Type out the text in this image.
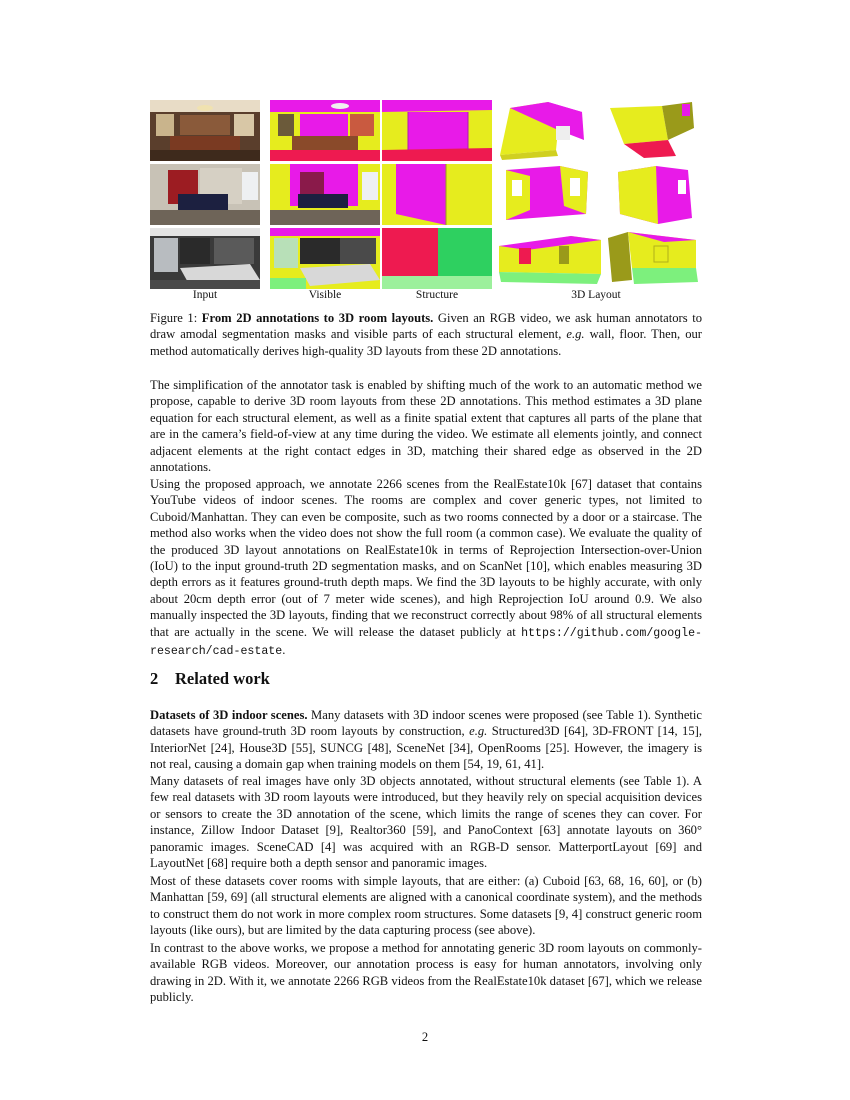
Input	Visible	Structure	3D Layout
Figure 1: From 2D annotations to 3D room layouts. Given an RGB video, we ask human annotators to draw amodal segmentation masks and visible parts of each structural element, e.g. wall, floor. Then, our method automatically derives high-quality 3D layouts from these 2D annotations.

The simplification of the annotator task is enabled by shifting much of the work to an automatic method we propose, capable to derive 3D room layouts from these 2D annotations. This method estimates a 3D plane equation for each structural element, as well as a finite spatial extent that captures all parts of the plane that are in the camera’s field-of-view at any time during the video. We estimate all elements jointly, and connect adjacent elements at the right contact edges in 3D, matching their shared edge as observed in the 2D annotations.

Using the proposed approach, we annotate 2266 scenes from the RealEstate10k [67] dataset that contains YouTube videos of indoor scenes. The rooms are complex and cover generic types, not limited to Cuboid/Manhattan. They can even be composite, such as two rooms connected by a door or a staircase. The method also works when the video does not show the full room (a common case). We evaluate the quality of the produced 3D layout annotations on RealEstate10k in terms of Reprojection Intersection-over-Union (IoU) to the input ground-truth 2D segmentation masks, and on ScanNet [10], which enables measuring 3D depth errors as it features ground-truth depth maps. We find the 3D layouts to be highly accurate, with only about 20cm depth error (out of 7 meter wide scenes), and high Reprojection IoU around 0.9. We also manually inspected the 3D layouts, finding that we reconstruct correctly about 98% of all structural elements that are actually in the scene. We will release the dataset publicly at https://github.com/google-research/cad-estate.

2 Related work

Datasets of 3D indoor scenes. Many datasets with 3D indoor scenes were proposed (see Table 1). Synthetic datasets have ground-truth 3D room layouts by construction, e.g. Structured3D [64], 3D-FRONT [14, 15], InteriorNet [24], House3D [55], SUNCG [48], SceneNet [34], OpenRooms [25]. However, the imagery is not real, causing a domain gap when training models on them [54, 19, 61, 41].

Many datasets of real images have only 3D objects annotated, without structural elements (see Table 1). A few real datasets with 3D room layouts were introduced, but they heavily rely on special acquisition devices or sensors to create the 3D annotation of the scene, which limits the range of scenes they can cover. For instance, Zillow Indoor Dataset [9], Realtor360 [59], and PanoContext [63] annotate layouts on 360° panoramic images. SceneCAD [4] was acquired with an RGB-D sensor. MatterportLayout [69] and LayoutNet [68] require both a depth sensor and panoramic images.

Most of these datasets cover rooms with simple layouts, that are either: (a) Cuboid [63, 68, 16, 60], or (b) Manhattan [59, 69] (all structural elements are aligned with a canonical coordinate system), and the methods to construct them do not work in more complex room structures. Some datasets [9, 4] construct generic room layouts (like ours), but are limited by the data capturing process (see above).

In contrast to the above works, we propose a method for annotating generic 3D room layouts on commonly-available RGB videos. Moreover, our annotation process is easy for human annotators, involving only drawing in 2D. With it, we annotate 2266 RGB videos from the RealEstate10k dataset [67], which we release publicly.

2
